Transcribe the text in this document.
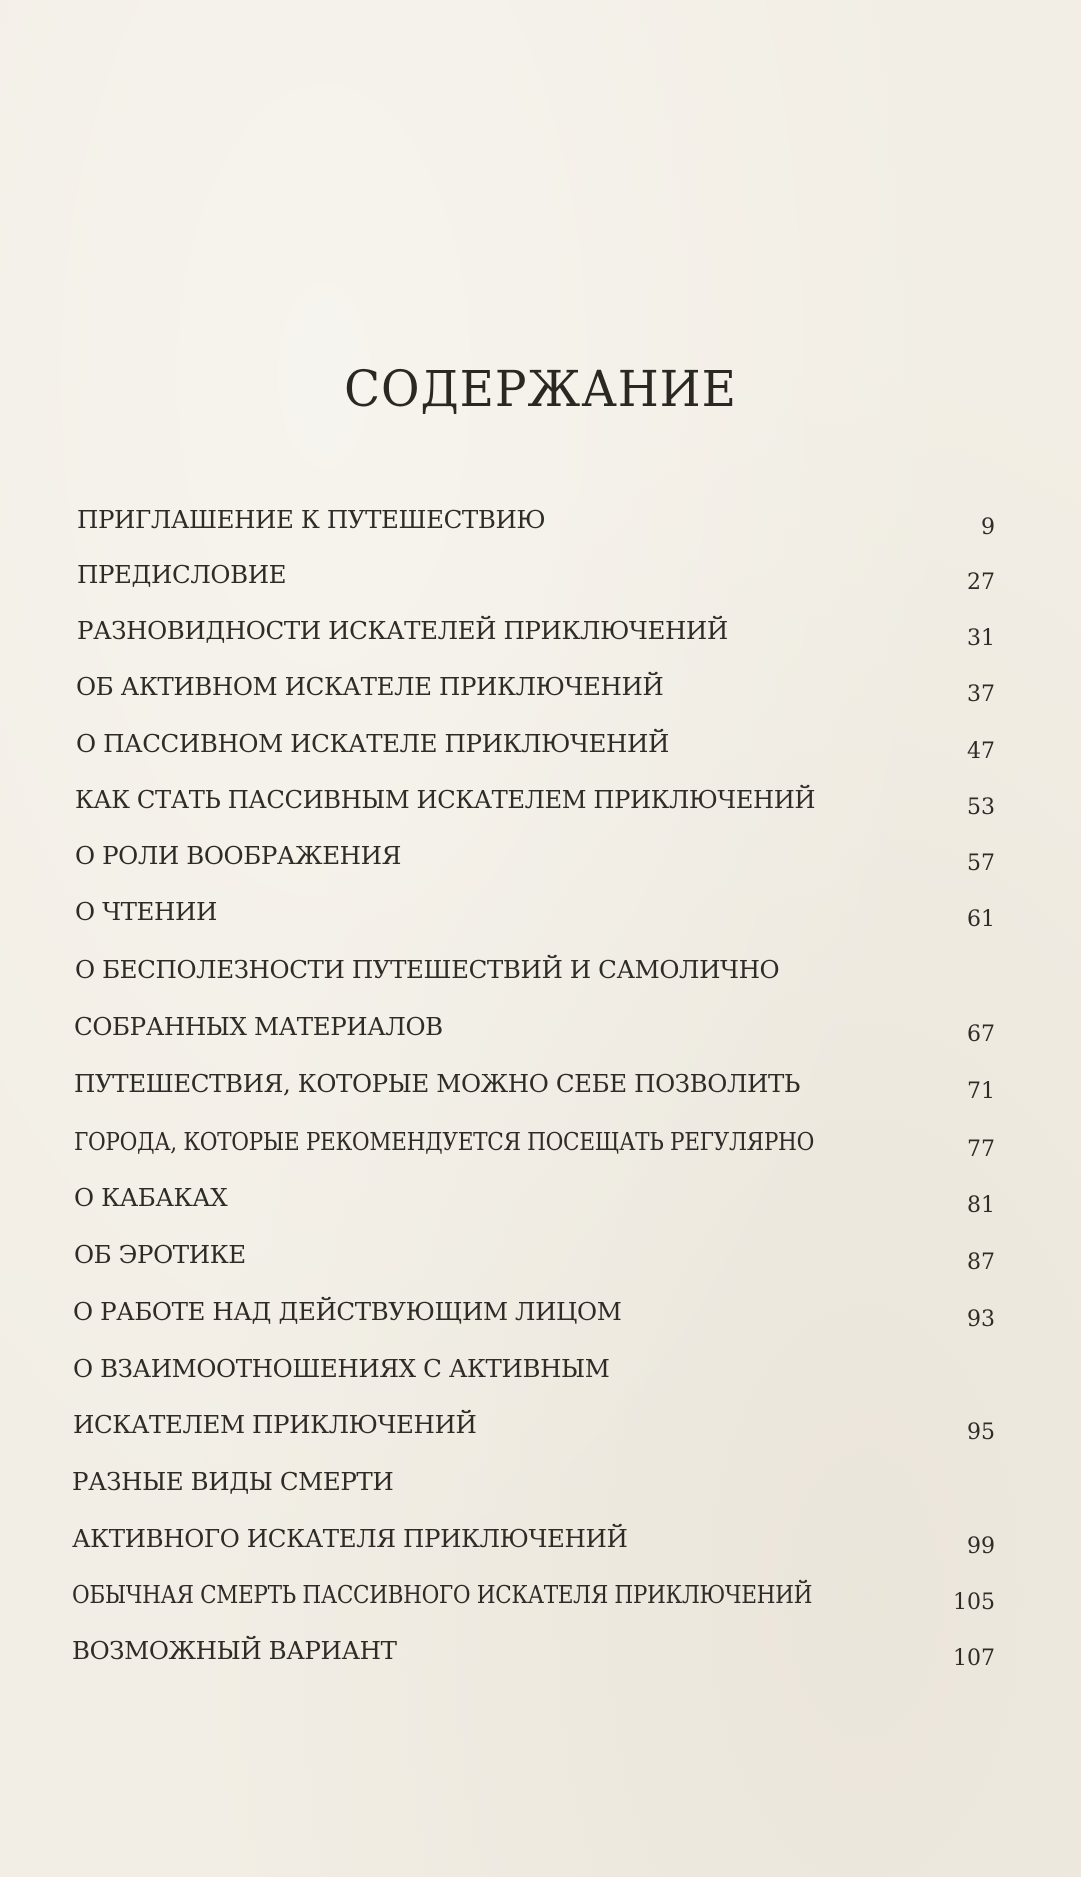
СОДЕРЖАНИЕ
ПРИГЛАШЕНИЕ К ПУТЕШЕСТВИЮ	9
ПРЕДИСЛОВИЕ	27
РАЗНОВИДНОСТИ ИСКАТЕЛЕЙ ПРИКЛЮЧЕНИЙ	31
ОБ АКТИВНОМ ИСКАТЕЛЕ ПРИКЛЮЧЕНИЙ	37
О ПАССИВНОМ ИСКАТЕЛЕ ПРИКЛЮЧЕНИЙ	47
КАК СТАТЬ ПАССИВНЫМ ИСКАТЕЛЕМ ПРИКЛЮЧЕНИЙ	53
О РОЛИ ВООБРАЖЕНИЯ	57
О ЧТЕНИИ	61
О БЕСПОЛЕЗНОСТИ ПУТЕШЕСТВИЙ И САМОЛИЧНО
СОБРАННЫХ МАТЕРИАЛОВ	67
ПУТЕШЕСТВИЯ, КОТОРЫЕ МОЖНО СЕБЕ ПОЗВОЛИТЬ	71
ГОРОДА, КОТОРЫЕ РЕКОМЕНДУЕТСЯ ПОСЕЩАТЬ РЕГУЛЯРНО	77
О КАБАКАХ	81
ОБ ЭРОТИКЕ	87
О РАБОТЕ НАД ДЕЙСТВУЮЩИМ ЛИЦОМ	93
О ВЗАИМООТНОШЕНИЯХ С АКТИВНЫМ
ИСКАТЕЛЕМ ПРИКЛЮЧЕНИЙ	95
РАЗНЫЕ ВИДЫ СМЕРТИ
АКТИВНОГО ИСКАТЕЛЯ ПРИКЛЮЧЕНИЙ	99
ОБЫЧНАЯ СМЕРТЬ ПАССИВНОГО ИСКАТЕЛЯ ПРИКЛЮЧЕНИЙ	105
ВОЗМОЖНЫЙ ВАРИАНТ	107
